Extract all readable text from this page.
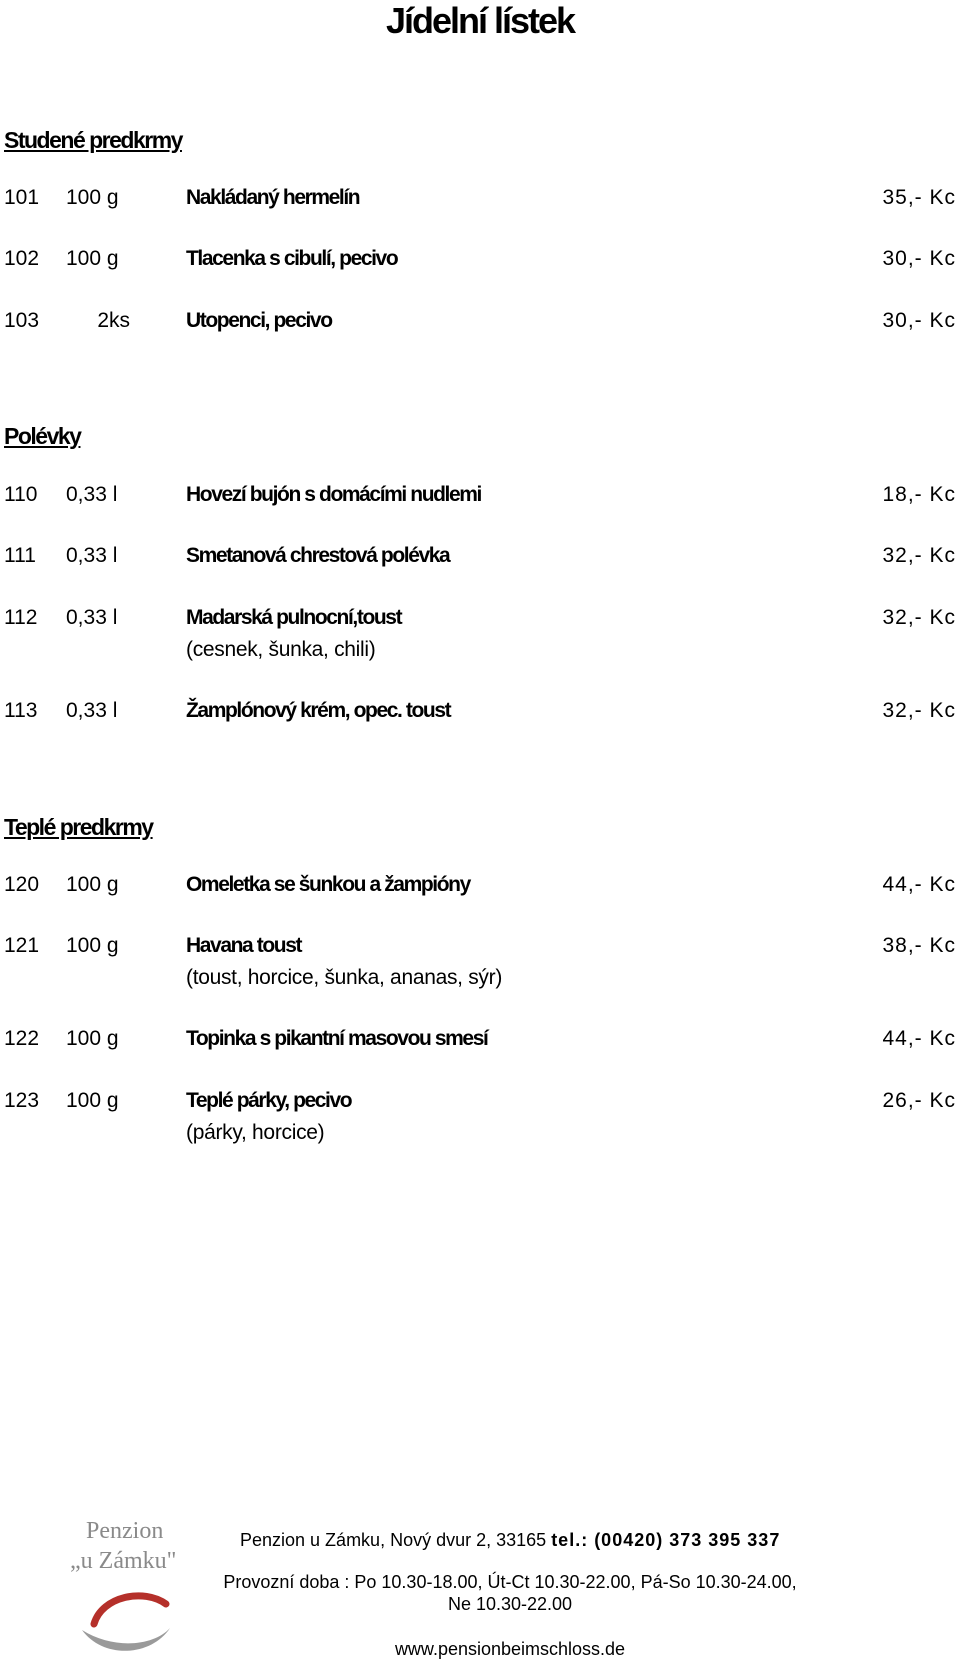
Jídelní lístek
Studené predkrmy
101 100 g	Nakládaný hermelín	35,- Kc
102 100 g	Tlacenka s cibulí, pecivo	30,- Kc
103	2ks	Utopenci, pecivo	30,- Kc
Polévky
110 0,33 l	Hovezí bujón s domácími nudlemi	18,- Kc
111 0,33 l	Smetanová chrestová polévka	32,- Kc
112 0,33 l	Madarská pulnocní,toust	32,- Kc
(cesnek, šunka, chili)
113 0,33 l	Žamplónový krém, opec. toust	32,- Kc
Teplé predkrmy
120 100 g	Omeletka se šunkou a žampióny	44,- Kc
121 100 g	Havana toust	38,- Kc
(toust, horcice, šunka, ananas, sýr)
122 100 g	Topinka s pikantní masovou smesí	44,- Kc
123 100 g	Teplé párky, pecivo	26,- Kc
(párky, horcice)
Penzion
„u Zámku"
Penzion u Zámku, Nový dvur 2, 33165 tel.: (00420) 373 395 337
Provozní doba : Po 10.30-18.00, Út-Ct 10.30-22.00, Pá-So 10.30-24.00,
Ne 10.30-22.00
www.pensionbeimschloss.de
